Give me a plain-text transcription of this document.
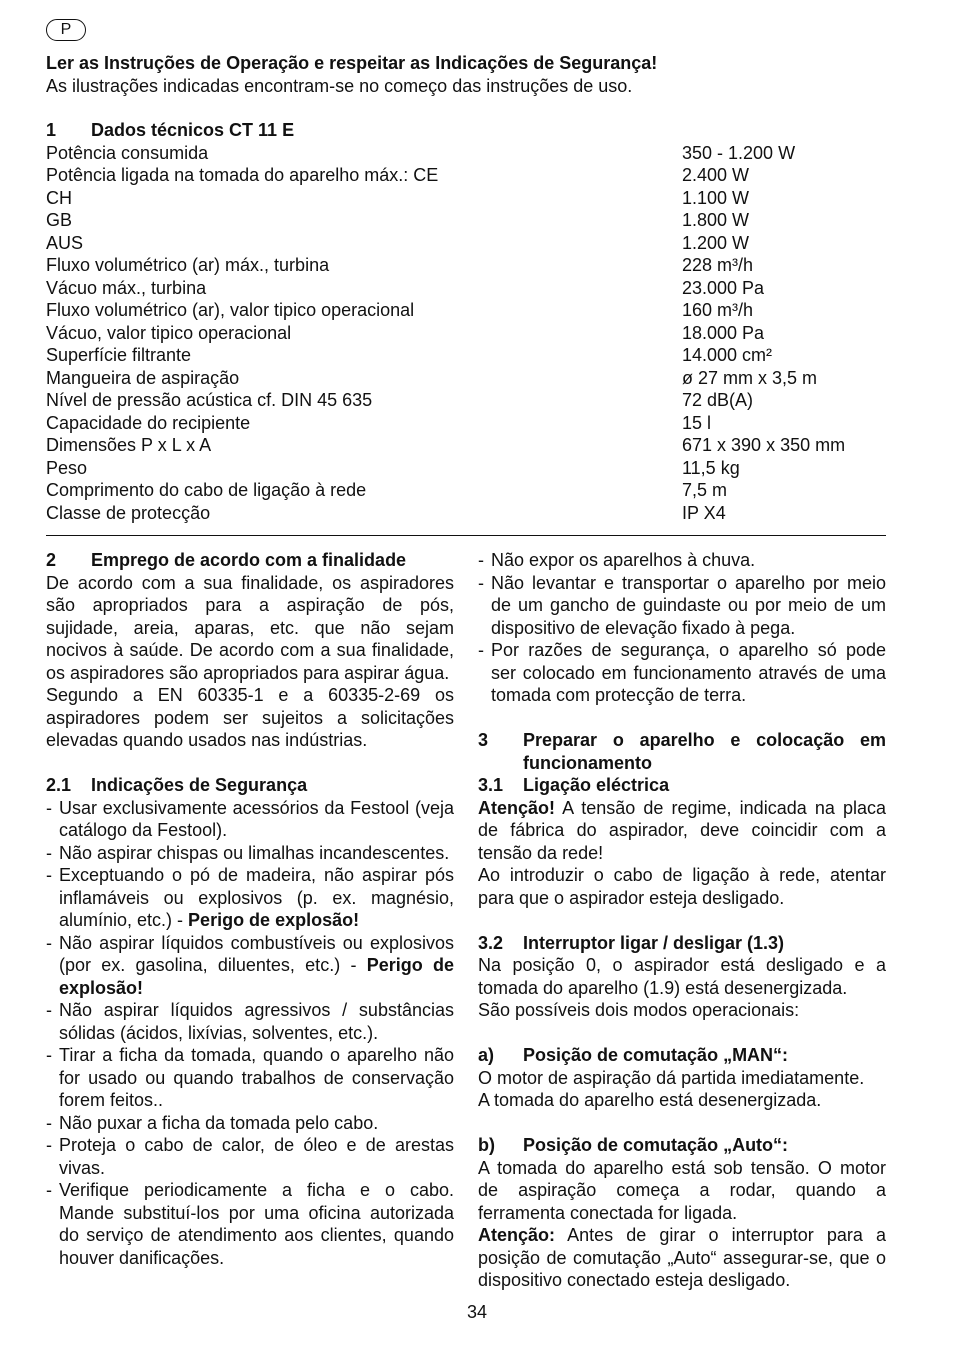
P
Ler as Instruções de Operação e respeitar as Indicações de Segurança!
As ilustrações indicadas encontram-se no começo das instruções de uso.
1	Dados técnicos CT 11 E
Potência consumida	350 - 1.200 W
Potência ligada na tomada do aparelho máx.: CE	2.400 W
CH	1.100 W
GB	1.800 W
AUS	1.200 W
Fluxo volumétrico (ar) máx., turbina	228 m³/h
Vácuo máx., turbina	23.000 Pa
Fluxo volumétrico (ar), valor tipico operacional	160 m³/h
Vácuo, valor tipico operacional	18.000 Pa
Superfície filtrante	14.000 cm²
Mangueira de aspiração	ø 27 mm x 3,5 m
Nível de pressão acústica cf. DIN 45 635	72 dB(A)
Capacidade do recipiente	15 l
Dimensões P x L x A	671 x 390 x 350 mm
Peso	11,5 kg
Comprimento do cabo de ligação à rede	7,5 m
Classe de protecção	IP X4
2	Emprego de acordo com a finalidade

De acordo com a sua finalidade, os aspiradores são apropriados para a aspiração de pós, sujidade, areia, aparas, etc. que não sejam nocivos à saúde. De acordo com a sua finalidade, os aspiradores são apropriados para aspirar água.

Segundo a EN 60335-1 e a 60335-2-69 os aspiradores podem ser sujeitos a solicitações elevadas quando usados nas indústrias.

2.1	Indicações de Segurança

- Usar exclusivamente acessórios da Festool (veja catálogo da Festool).

- Não aspirar chispas ou limalhas incandescentes.

- Exceptuando o pó de madeira, não aspirar pós inflamáveis ou explosivos (p. ex. magnésio, alumínio, etc.) - Perigo de explosão!

- Não aspirar líquidos combustíveis ou explosivos (por ex. gasolina, diluentes, etc.) - Perigo de explosão!

- Não aspirar líquidos agressivos / substâncias sólidas (ácidos, lixívias, solventes, etc.).

- Tirar a ficha da tomada, quando o aparelho não for usado ou quando trabalhos de conservação forem feitos..

- Não puxar a ficha da tomada pelo cabo.

- Proteja o cabo de calor, de óleo e de arestas vivas.

- Verifique periodicamente a ficha e o cabo. Mande substituí-los por uma oficina autorizada do serviço de atendimento aos clientes, quando houver danificações.

- Não expor os aparelhos à chuva.

- Não levantar e transportar o aparelho por meio de um gancho de guindaste ou por meio de um dispositivo de elevação fixado à pega.

- Por razões de segurança, o aparelho só pode ser colocado em funcionamento através de uma tomada com protecção de terra.

3	Preparar o aparelho e colocação em funcionamento
3.1	Ligação eléctrica

Atenção! A tensão de regime, indicada na placa de fábrica do aspirador, deve coincidir com a tensão da rede!

Ao introduzir o cabo de ligação à rede, atentar para que o aspirador esteja desligado.

3.2	Interruptor ligar / desligar (1.3)

Na posição 0, o aspirador está desligado e a tomada do aparelho (1.9) está desenergizada.

São possíveis dois modos operacionais:

a)	Posição de comutação „MAN“:

O motor de aspiração dá partida imediatamente.

A tomada do aparelho está desenergizada.

b)	Posição de comutação „Auto“:

A tomada do aparelho está sob tensão. O motor de aspiração começa a rodar, quando a ferramenta conectada for ligada.

Atenção: Antes de girar o interruptor para a posição de comutação „Auto“ assegurar-se, que o dispositivo conectado esteja desligado.

34
